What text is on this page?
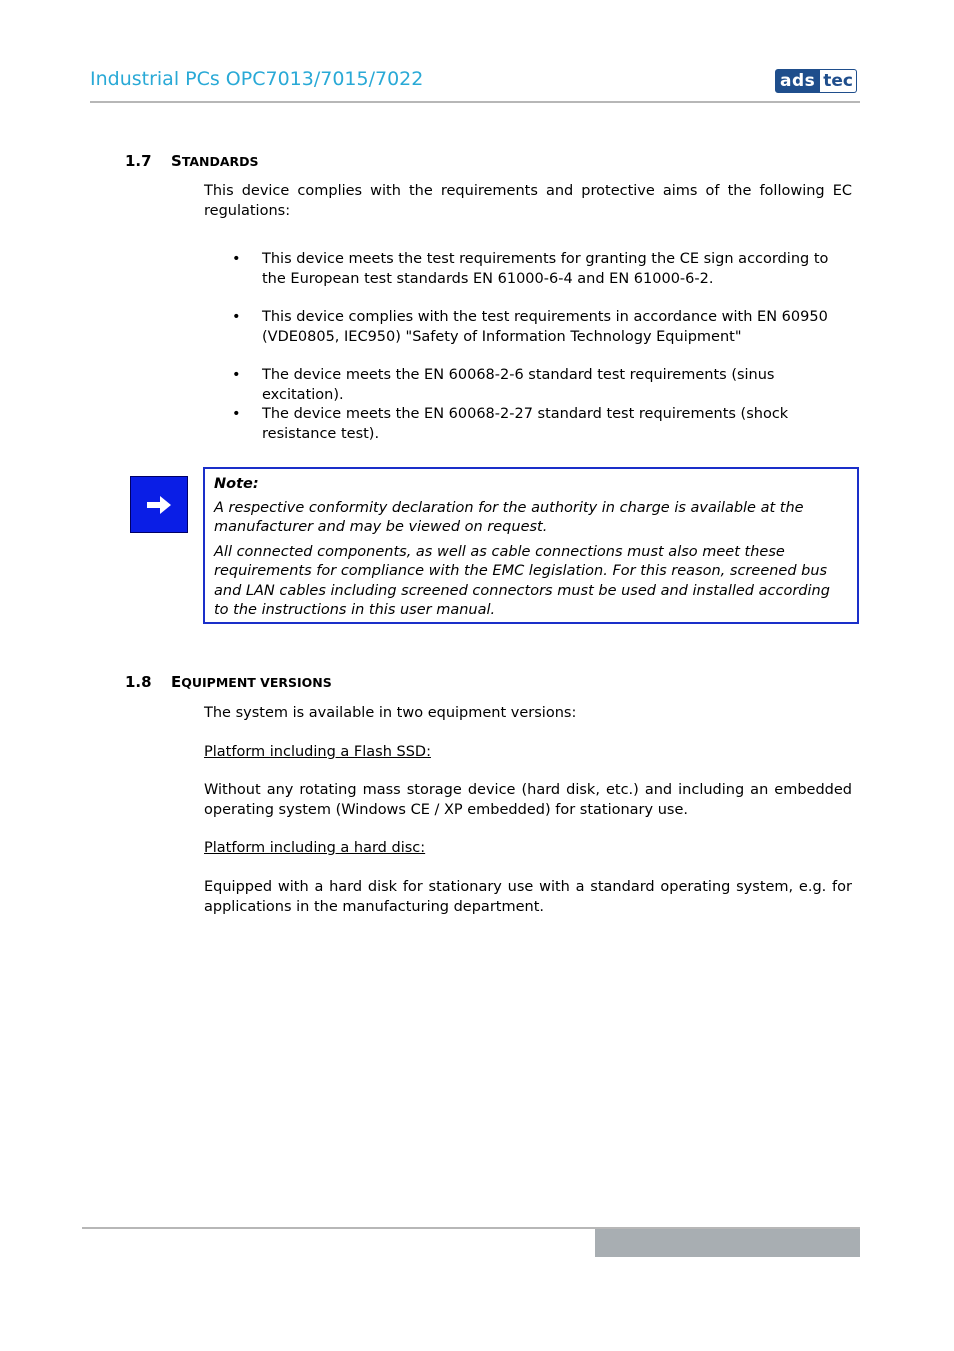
Industrial PCs OPC7013/7015/7022	ads tec
1.7 STANDARDS
This device complies with the requirements and protective aims of the following EC regulations:
•	This device meets the test requirements for granting the CE sign according to the European test standards EN 61000-6-4 and EN 61000-6-2.
•	This device complies with the test requirements in accordance with EN 60950 (VDE0805, IEC950) "Safety of Information Technology Equipment"
•	The device meets the EN 60068-2-6 standard test requirements (sinus excitation).
•	The device meets the EN 60068-2-27 standard test requirements (shock resistance test).
Note:

A respective conformity declaration for the authority in charge is available at the manufacturer and may be viewed on request.

All connected components, as well as cable connections must also meet these requirements for compliance with the EMC legislation. For this reason, screened bus and LAN cables including screened connectors must be used and installed according to the instructions in this user manual.

1.8 EQUIPMENT VERSIONS
The system is available in two equipment versions:
Platform including a Flash SSD:
Without any rotating mass storage device (hard disk, etc.) and including an embedded operating system (Windows CE / XP embedded) for stationary use.
Platform including a hard disc:
Equipped with a hard disk for stationary use with a standard operating system, e.g. for applications in the manufacturing department.
